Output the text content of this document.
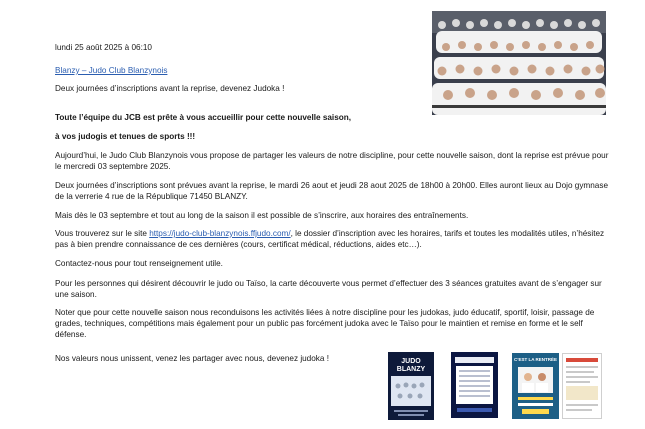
lundi 25 août 2025 à 06:10

Blanzy – Judo Club Blanzynois

Deux journées d’inscriptions avant la reprise, devenez Judoka !

Toute l’équipe du JCB est prête à vous accueillir pour cette nouvelle saison,

à vos judogis et tenues de sports !!!

Aujourd’hui, le Judo Club Blanzynois vous propose de partager les valeurs de notre discipline, pour cette nouvelle saison, dont la reprise est prévue pour le mercredi 03 septembre 2025.

Deux journées d’inscriptions sont prévues avant la reprise, le mardi 26 aout et jeudi 28 aout 2025 de 18h00 à 20h00. Elles auront lieux au Dojo gymnase de la verrerie 4 rue de la République 71450 BLANZY.

Mais dès le 03 septembre et tout au long de la saison il est possible de s’inscrire, aux horaires des entraînements.

Vous trouverez sur le site https://judo-club-blanzynois.ffjudo.com/, le dossier d’inscription avec les horaires, tarifs et toutes les modalités utiles, n’hésitez pas à bien prendre connaissance de ces dernières (cours, certificat médical, réductions, aides etc…).

Contactez-nous pour tout renseignement utile.

Pour les personnes qui désirent découvrir le judo ou Taïso, la carte découverte vous permet d’effectuer des 3 séances gratuites avant de s’engager sur une saison.

Noter que pour cette nouvelle saison nous reconduisons les activités liées à notre discipline pour les judokas, judo éducatif, sportif, loisir, passage de grades, techniques, compétitions mais également pour un public pas forcément judoka avec le Taïso pour le maintien et remise en forme et le self défense.

Nos valeurs nous unissent, venez les partager avec nous, devenez judoka !	JUDO BLANZY
C’EST LA RENTRÉE
